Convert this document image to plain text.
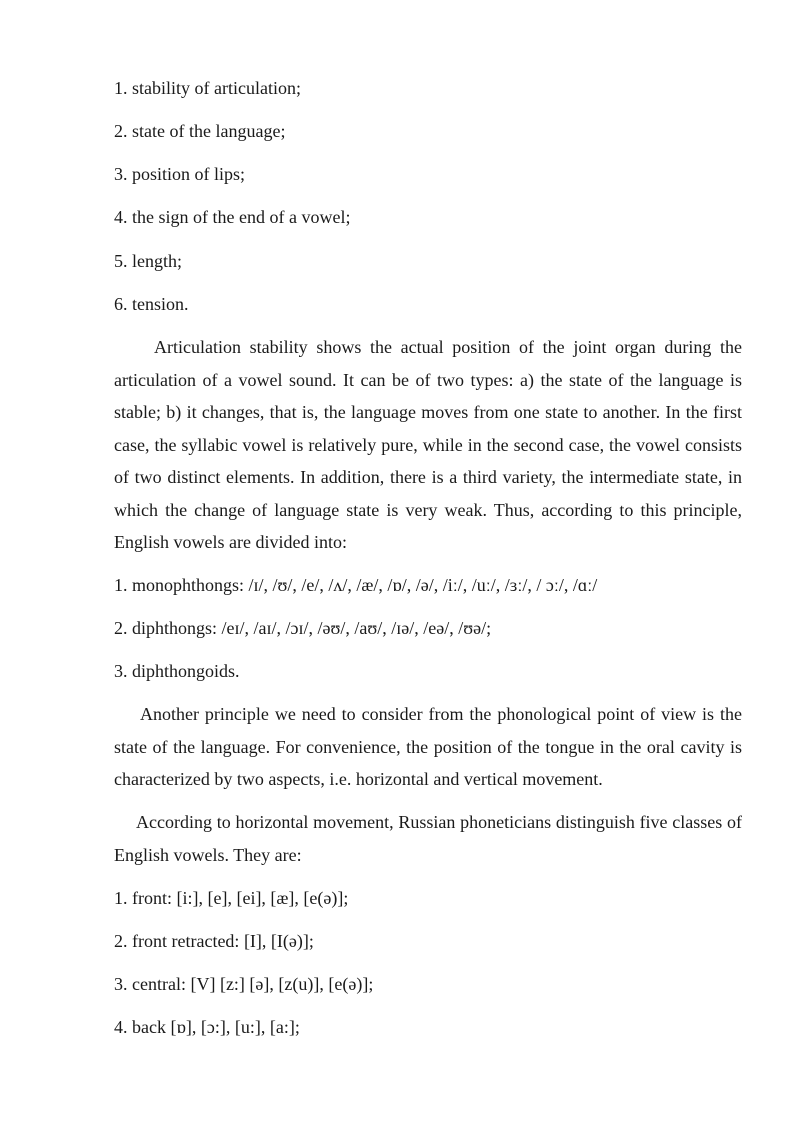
1. stability of articulation;
2. state of the language;
3. position of lips;
4. the sign of the end of a vowel;
5. length;
6. tension.

Articulation stability shows the actual position of the joint organ during the articulation of a vowel sound. It can be of two types: a) the state of the language is stable; b) it changes, that is, the language moves from one state to another. In the first case, the syllabic vowel is relatively pure, while in the second case, the vowel consists of two distinct elements. In addition, there is a third variety, the intermediate state, in which the change of language state is very weak. Thus, according to this principle, English vowels are divided into:

1. monophthongs: /ɪ/, /ʊ/, /e/, /ʌ/, /æ/, /ɒ/, /ə/, /iː/, /uː/, /ɜː/, / ɔː/, /ɑː/
2. diphthongs: /eɪ/, /aɪ/, /ɔɪ/, /əʊ/, /aʊ/, /ɪə/, /eə/, /ʊə/;
3. diphthongoids.

Another principle we need to consider from the phonological point of view is the state of the language. For convenience, the position of the tongue in the oral cavity is characterized by two aspects, i.e. horizontal and vertical movement.

According to horizontal movement, Russian phoneticians distinguish five classes of English vowels. They are:

1. front: [i:], [e], [ei], [æ], [e(ə)];
2. front retracted: [I], [I(ə)];
3. central: [V] [z:] [ə], [z(u)], [e(ə)];
4. back [ɒ], [ɔ:], [u:], [a:];
